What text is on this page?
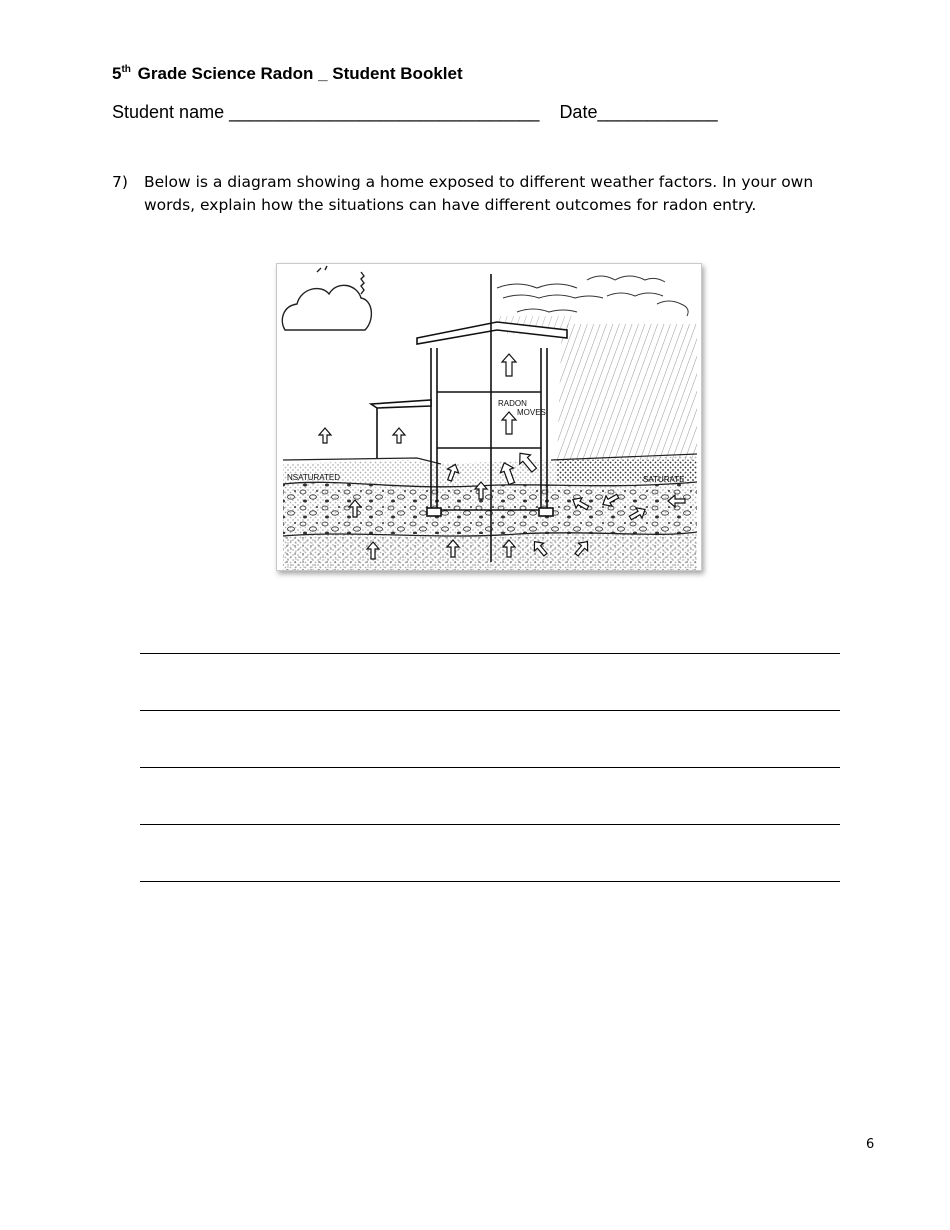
5th Grade Science Radon _ Student Booklet
Student name _______________________________ Date____________
7) Below is a diagram showing a home exposed to different weather factors. In your own words, explain how the situations can have different outcomes for radon entry.
RADON
MOVES
NSATURATED	SATURATE
6
